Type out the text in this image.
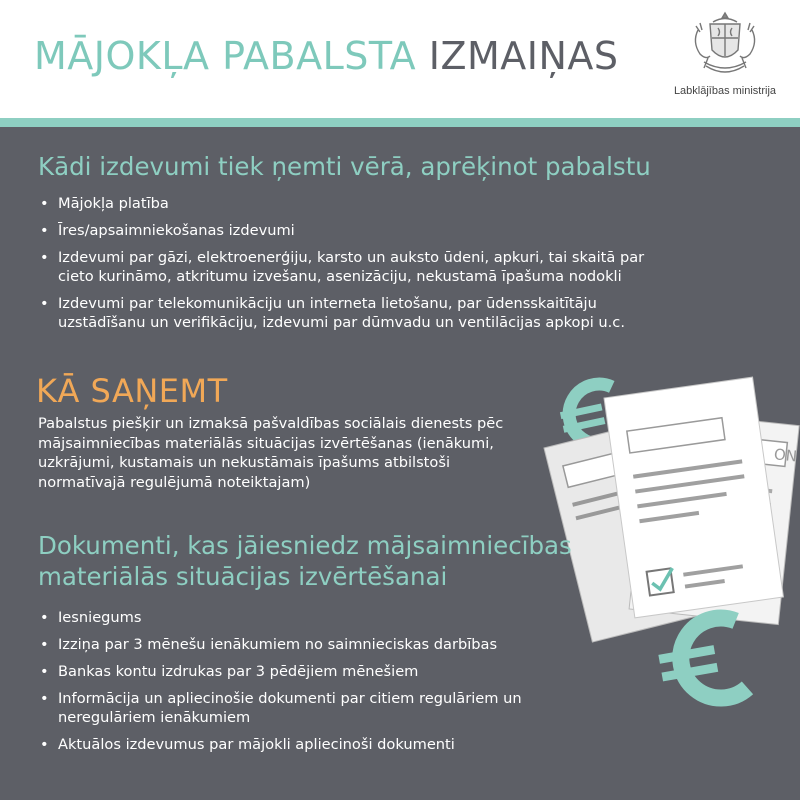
MĀJOKĻA PABALSTA IZMAIŅAS
Labklājības ministrija
Kādi izdevumi tiek ņemti vērā, aprēķinot pabalstu
• Mājokļa platība
• Īres/apsaimniekošanas izdevumi
• Izdevumi par gāzi, elektroenerģiju, karsto un auksto ūdeni, apkuri, tai skaitā par cieto kurināmo, atkritumu izvešanu, asenizāciju, nekustamā īpašuma nodokli
• Izdevumi par telekomunikāciju un interneta lietošanu, par ūdensskaitītāju uzstādīšanu un verifikāciju, izdevumi par dūmvadu un ventilācijas apkopi u.c.
ON
KĀ SAŅEMT
Pabalstus piešķir un izmaksā pašvaldības sociālais dienests pēc mājsaimniecības materiālās situācijas izvērtēšanas (ienākumi, uzkrājumi, kustamais un nekustāmais īpašums atbilstoši normatīvajā regulējumā noteiktajam)
Dokumenti, kas jāiesniedz mājsaimniecības
materiālās situācijas izvērtēšanai
• Iesniegums
• Izziņa par 3 mēnešu ienākumiem no saimnieciskas darbības
• Bankas kontu izdrukas par 3 pēdējiem mēnešiem
• Informācija un apliecinošie dokumenti par citiem regulāriem un neregulāriem ienākumiem
• Aktuālos izdevumus par mājokli apliecinoši dokumenti
